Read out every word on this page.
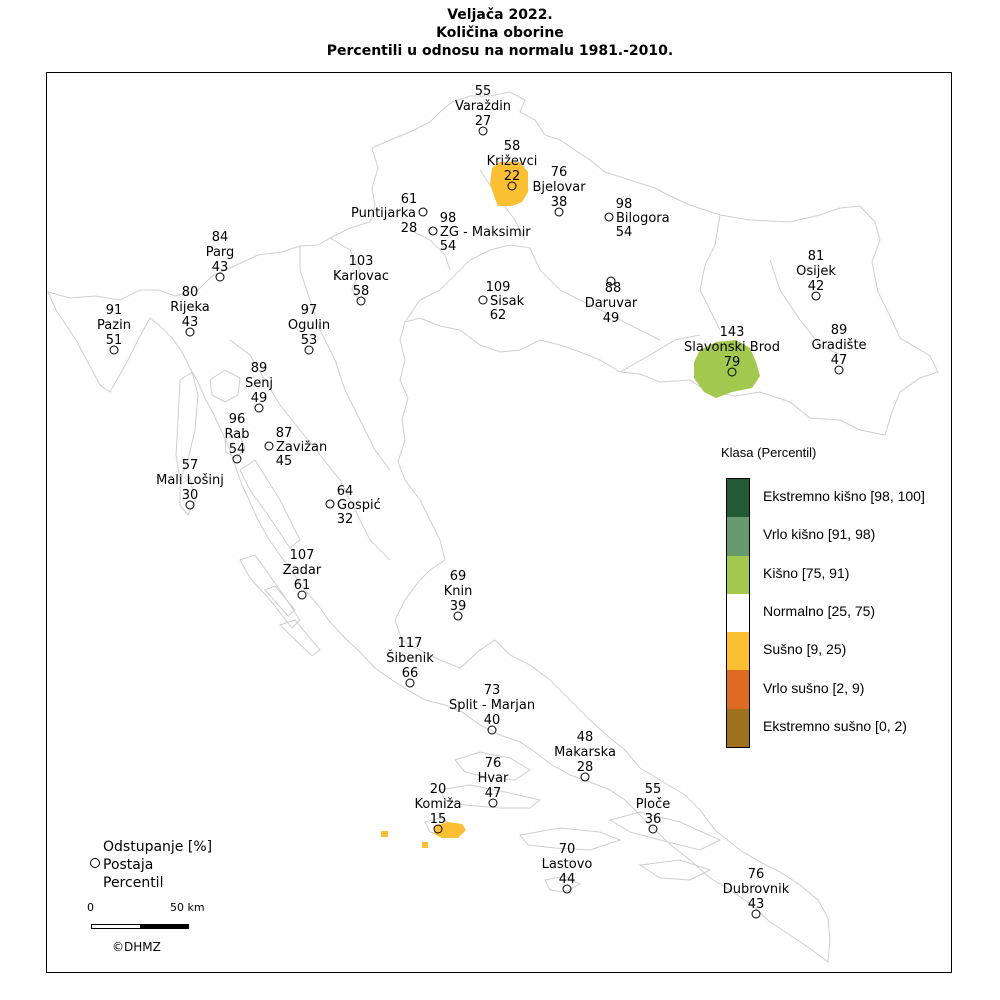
Veljača 2022.
Količina oborine
Percentili u odnosu na normalu 1981.-2010.
55
Varaždin
27
58
Križevci
22 76
Bjelovar
38
61
Puntijarka
28
98
ZG - Maksimir
54
98
Bilogora
54
84
Parg
43	103
Karlovac
58	109
Sisak
62
88
Daruvar
49
81
Osijek
42
91
Pazin
51
80
Rijeka
43
97
Ogulin
53
143
Slavonski Brod
79
89
Gradište
47
89
Senj
49
96
Rab
54
87
Zavižan
45
57
Mali Lošinj
30	64
Gospić
32
107
Zadar
61
69
Knin
39
117
Šibenik
66
73
Split - Marjan
40
48
Makarska
28
76
Hvar
47	55
Ploče
36
20
Komiža
15
70
Lastovo
44	76
Dubrovnik
43
Klasa (Percentil)
Ekstremno kišno [98, 100]
Vrlo kišno [91, 98)
Kišno [75, 91)
Normalno [25, 75)
Sušno [9, 25)
Vrlo sušno [2, 9)
Ekstremno sušno [0, 2)
Odstupanje [%]
Postaja
Percentil
0	50 km
©DHMZ
